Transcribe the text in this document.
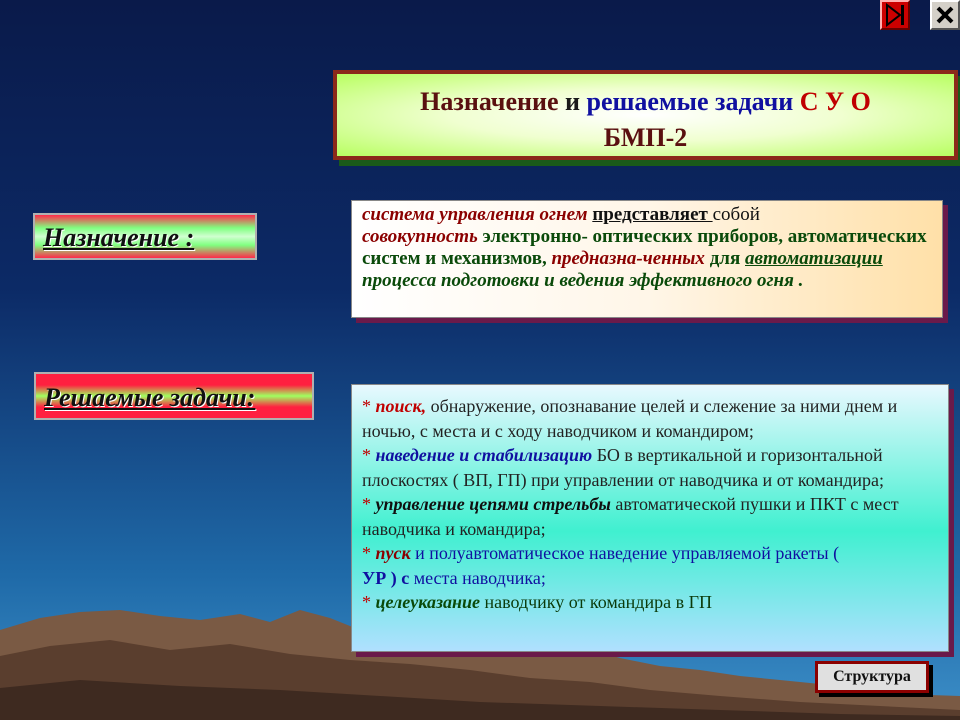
Назначение и решаемые задачи С У О
БМП-2
Назначение :
Решаемые задачи:
система управления огнем представляет собой
совокупность электронно- оптических приборов, автоматических систем и механизмов, предназна-ченных для автоматизации процесса подготовки и ведения эффективного огня .
* поиск, обнаружение, опознавание целей и слежение за ними днем и ночью, с места и с ходу наводчиком и командиром;
* наведение и стабилизацию БО в вертикальной и горизонтальной плоскостях ( ВП, ГП) при управлении от наводчика и от командира;
* управление цепями стрельбы автоматической пушки и ПКТ с мест наводчика и командира;
* пуск и полуавтоматическое наведение управляемой ракеты (
УР ) с места наводчика;
* целеуказание наводчику от командира в ГП
Структура
